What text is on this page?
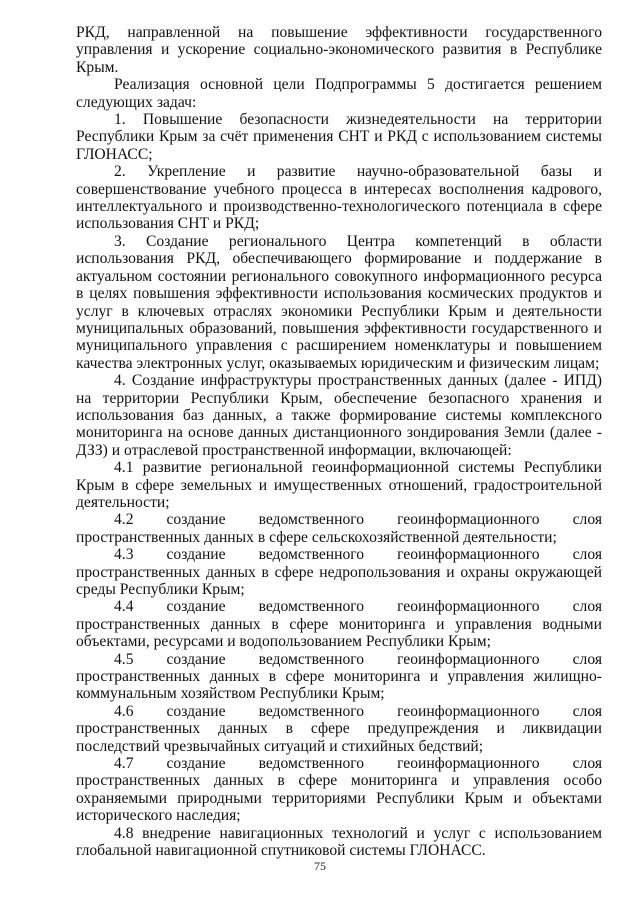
РКД, направленной на повышение эффективности государственного управления и ускорение социально-экономического развития в Республике Крым.

Реализация основной цели Подпрограммы 5 достигается решением следующих задач:

1. Повышение безопасности жизнедеятельности на территории Республики Крым за счёт применения СНТ и РКД с использованием системы ГЛОНАСС;

2. Укрепление и развитие научно-образовательной базы и совершенствование учебного процесса в интересах восполнения кадрового, интеллектуального и производственно-технологического потенциала в сфере использования СНТ и РКД;

3. Создание регионального Центра компетенций в области использования РКД, обеспечивающего формирование и поддержание в актуальном состоянии регионального совокупного информационного ресурса в целях повышения эффективности использования космических продуктов и услуг в ключевых отраслях экономики Республики Крым и деятельности муниципальных образований, повышения эффективности государственного и муниципального управления с расширением номенклатуры и повышением качества электронных услуг, оказываемых юридическим и физическим лицам;

4. Создание инфраструктуры пространственных данных (далее - ИПД) на территории Республики Крым, обеспечение безопасного хранения и использования баз данных, а также формирование системы комплексного мониторинга на основе данных дистанционного зондирования Земли (далее - ДЗЗ) и отраслевой пространственной информации, включающей:

4.1 развитие региональной геоинформационной системы Республики Крым в сфере земельных и имущественных отношений, градостроительной деятельности;

4.2 создание ведомственного геоинформационного слоя пространственных данных в сфере сельскохозяйственной деятельности;

4.3 создание ведомственного геоинформационного слоя пространственных данных в сфере недропользования и охраны окружающей среды Республики Крым;

4.4 создание ведомственного геоинформационного слоя пространственных данных в сфере мониторинга и управления водными объектами, ресурсами и водопользованием Республики Крым;

4.5 создание ведомственного геоинформационного слоя пространственных данных в сфере мониторинга и управления жилищно-коммунальным хозяйством Республики Крым;

4.6 создание ведомственного геоинформационного слоя пространственных данных в сфере предупреждения и ликвидации последствий чрезвычайных ситуаций и стихийных бедствий;

4.7 создание ведомственного геоинформационного слоя пространственных данных в сфере мониторинга и управления особо охраняемыми природными территориями Республики Крым и объектами исторического наследия;

4.8 внедрение навигационных технологий и услуг с использованием глобальной навигационной спутниковой системы ГЛОНАСС.

75
